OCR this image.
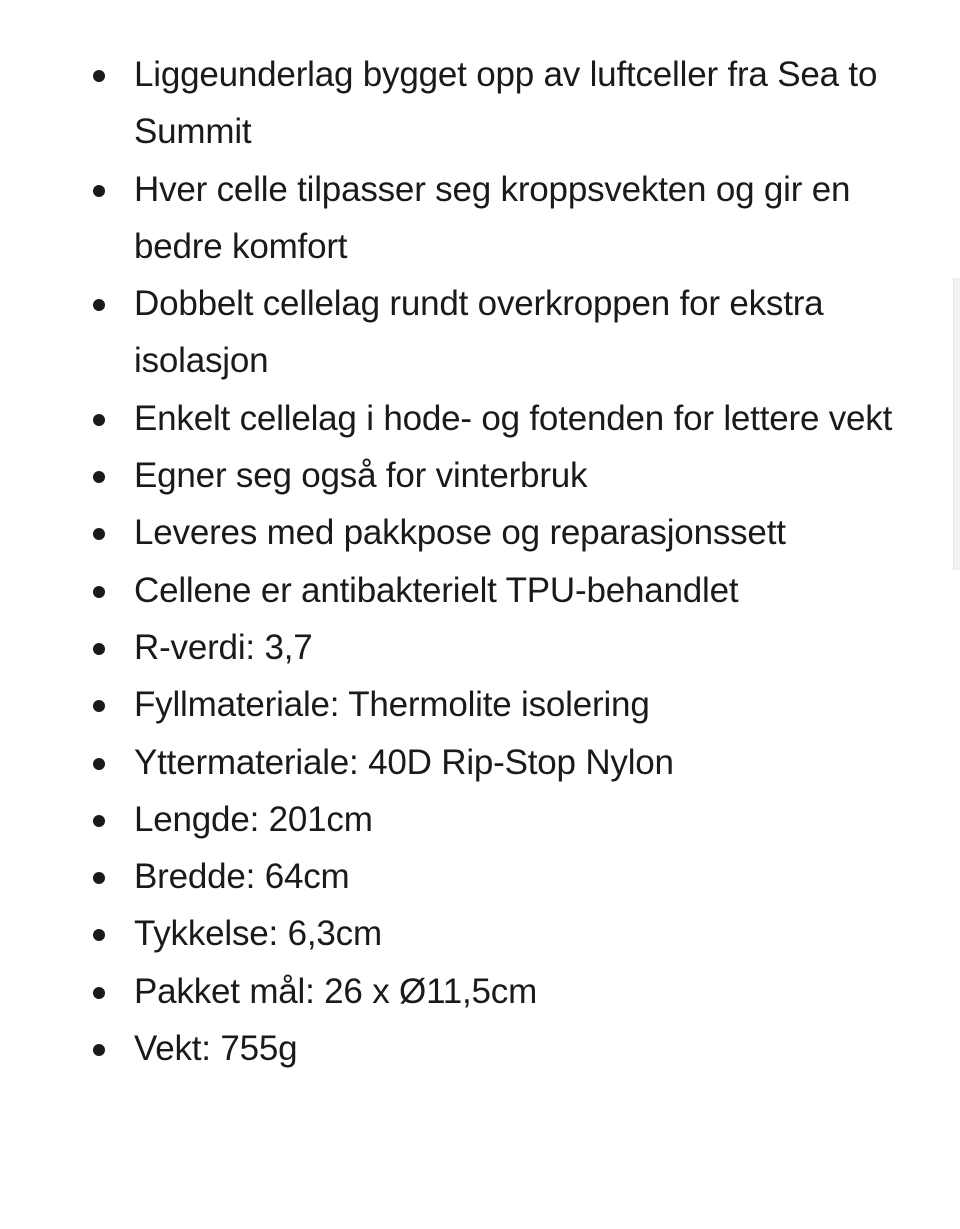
Liggeunderlag bygget opp av luftceller fra Sea to Summit
Hver celle tilpasser seg kroppsvekten og gir en bedre komfort
Dobbelt cellelag rundt overkroppen for ekstra isolasjon
Enkelt cellelag i hode- og fotenden for lettere vekt
Egner seg også for vinterbruk
Leveres med pakkpose og reparasjonssett
Cellene er antibakterielt TPU-behandlet
R-verdi: 3,7
Fyllmateriale: Thermolite isolering
Yttermateriale: 40D Rip-Stop Nylon
Lengde: 201cm
Bredde: 64cm
Tykkelse: 6,3cm
Pakket mål: 26 x Ø11,5cm
Vekt: 755g
